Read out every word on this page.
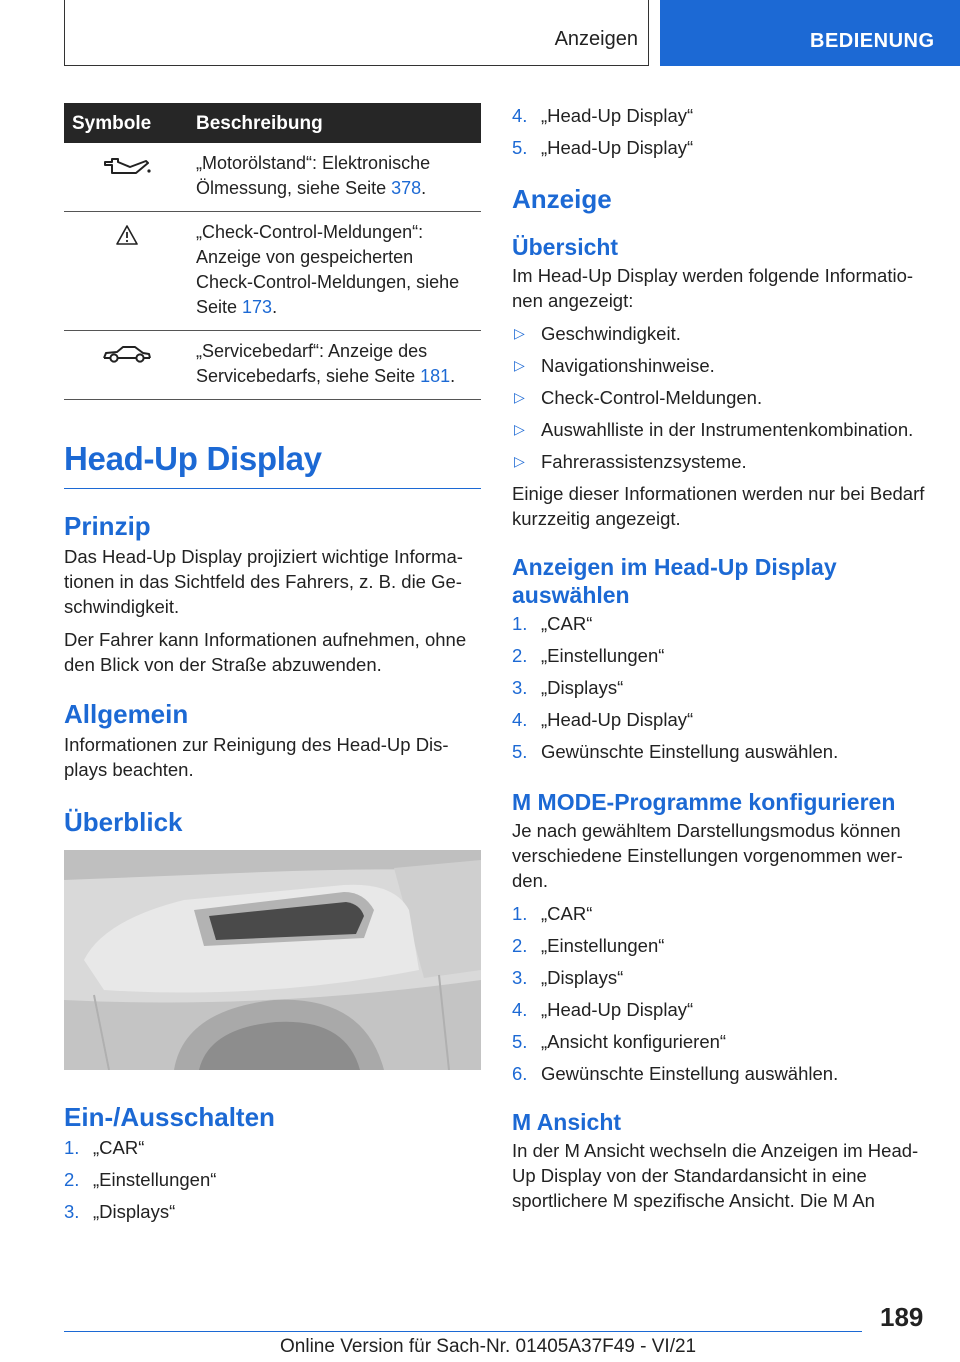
Anzeigen	BEDIENUNG
Symbole	Beschreibung
	„Motorölstand“: Elektronische Ölmessung, siehe Seite 378.
	„Check-Control-Meldungen“: Anzeige von gespeicherten Check-Control-Meldungen, siehe Seite 173.
	„Servicebedarf“: Anzeige des Servicebedarfs, siehe Seite 181.
Head-Up Display
Prinzip

Das Head-Up Display projiziert wichtige Informationen in das Sichtfeld des Fahrers, z. B. die Geschwindigkeit.

Der Fahrer kann Informationen aufnehmen, ohne den Blick von der Straße abzuwenden.

Allgemein

Informationen zur Reinigung des Head-Up Displays beachten.

Überblick
Ein-/Ausschalten
1. „CAR“
2. „Einstellungen“
3. „Displays“
4. „Head-Up Display“
5. „Head-Up Display“
Anzeige
Übersicht

Im Head-Up Display werden folgende Informationen angezeigt:

▷ Geschwindigkeit.
▷ Navigationshinweise.
▷ Check-Control-Meldungen.
▷ Auswahlliste in der Instrumentenkombination.
▷ Fahrerassistenzsysteme.

Einige dieser Informationen werden nur bei Bedarf kurzzeitig angezeigt.

Anzeigen im Head-Up Display auswählen
1. „CAR“
2. „Einstellungen“
3. „Displays“
4. „Head-Up Display“
5. Gewünschte Einstellung auswählen.
M MODE-Programme konfigurieren

Je nach gewähltem Darstellungsmodus können verschiedene Einstellungen vorgenommen werden.

1. „CAR“
2. „Einstellungen“
3. „Displays“
4. „Head-Up Display“
5. „Ansicht konfigurieren“
6. Gewünschte Einstellung auswählen.
M Ansicht

In der M Ansicht wechseln die Anzeigen im Head-Up Display von der Standardansicht in eine sportlichere M spezifische Ansicht. Die M An

189
Online Version für Sach-Nr. 01405A37F49 - VI/21
